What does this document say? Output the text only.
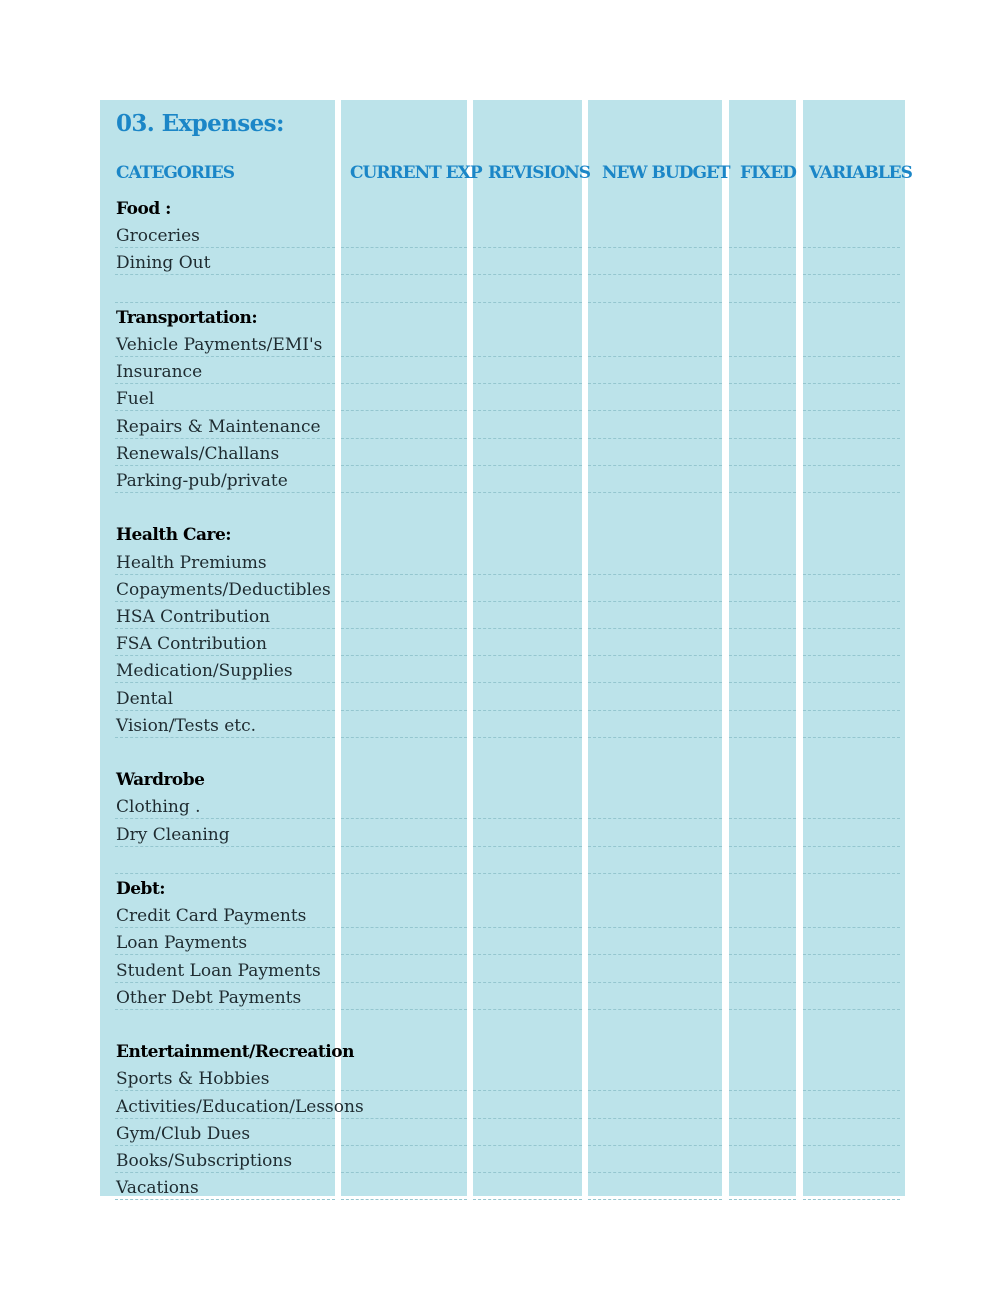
03. Expenses:
CATEGORIES	CURRENT EXP REVISIONS NEW BUDGET FIXED VARIABLES
Food :
Groceries
Dining Out
Transportation:
Vehicle Payments/EMI's
Insurance
Fuel
Repairs & Maintenance
Renewals/Challans
Parking-pub/private
Health Care:
Health Premiums
Copayments/Deductibles
HSA Contribution
FSA Contribution
Medication/Supplies
Dental
Vision/Tests etc.
Wardrobe
Clothing .
Dry Cleaning
Debt:
Credit Card Payments
Loan Payments
Student Loan Payments
Other Debt Payments
Entertainment/Recreation
Sports & Hobbies
Activities/Education/Lessons
Gym/Club Dues
Books/Subscriptions
Vacations
